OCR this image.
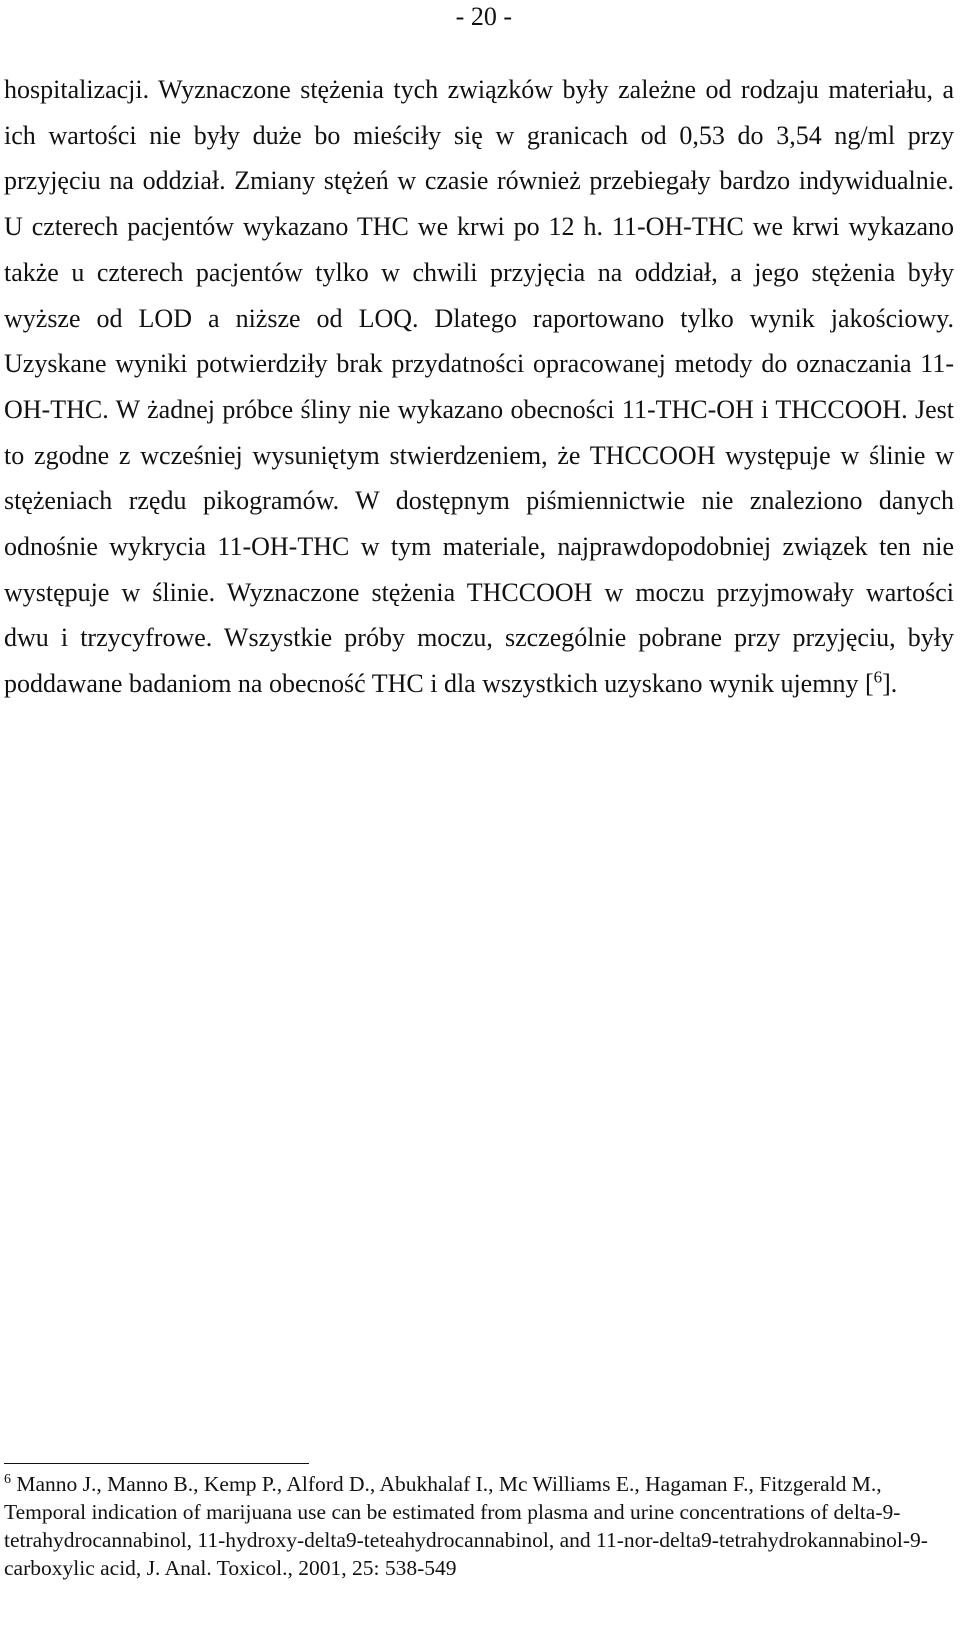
- 20 -

hospitalizacji. Wyznaczone stężenia tych związków były zależne od rodzaju materiału, a ich wartości nie były duże bo mieściły się w granicach od 0,53 do 3,54 ng/ml przy przyjęciu na oddział. Zmiany stężeń w czasie również przebiegały bardzo indywidualnie. U czterech pacjentów wykazano THC we krwi po 12 h. 11-OH-THC we krwi wykazano także u czterech pacjentów tylko w chwili przyjęcia na oddział, a jego stężenia były wyższe od LOD a niższe od LOQ. Dlatego raportowano tylko wynik jakościowy. Uzyskane wyniki potwierdziły brak przydatności opracowanej metody do oznaczania 11-OH-THC. W żadnej próbce śliny nie wykazano obecności 11-THC-OH i THCCOOH. Jest to zgodne z wcześniej wysuniętym stwierdzeniem, że THCCOOH występuje w ślinie w stężeniach rzędu pikogramów. W dostępnym piśmiennictwie nie znaleziono danych odnośnie wykrycia 11-OH-THC w tym materiale, najprawdopodobniej związek ten nie występuje w ślinie. Wyznaczone stężenia THCCOOH w moczu przyjmowały wartości dwu i trzycyfrowe. Wszystkie próby moczu, szczególnie pobrane przy przyjęciu, były poddawane badaniom na obecność THC i dla wszystkich uzyskano wynik ujemny [$^6$].

$^6$ Manno J., Manno B., Kemp P., Alford D., Abukhalaf I., Mc Williams E., Hagaman F., Fitzgerald M., Temporal indication of marijuana use can be estimated from plasma and urine concentrations of delta-9-tetrahydrocannabinol, 11-hydroxy-delta9-teteahydrocannabinol, and 11-nor-delta9-tetrahydrokannabinol-9-carboxylic acid, J. Anal. Toxicol., 2001, 25: 538-549
